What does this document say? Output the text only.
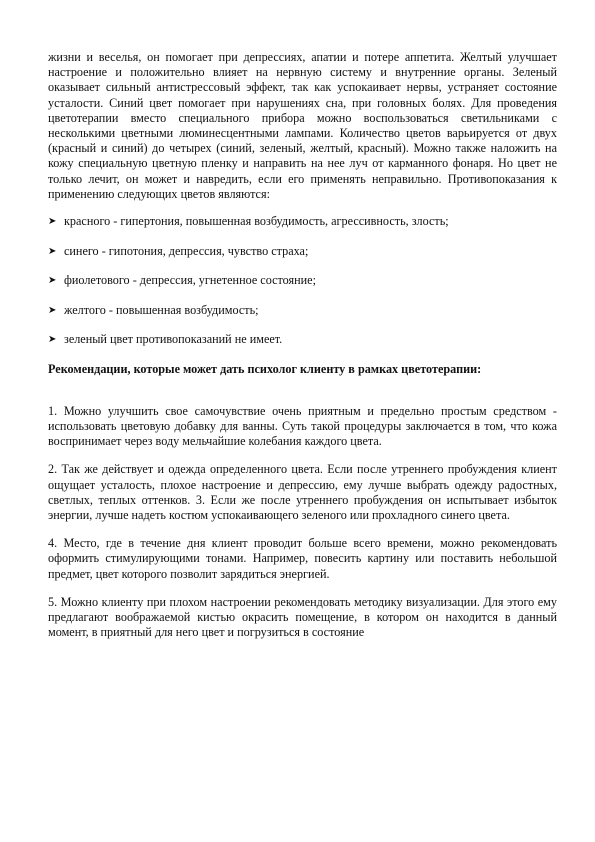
жизни и веселья, он помогает при депрессиях, апатии и потере аппетита. Желтый улучшает настроение и положительно влияет на нервную систему и внутренние органы. Зеленый оказывает сильный антистрессовый эффект, так как успокаивает нервы, устраняет состояние усталости. Синий цвет помогает при нарушениях сна, при головных болях. Для проведения цветотерапии вместо специального прибора можно воспользоваться светильниками с несколькими цветными люминесцентными лампами. Количество цветов варьируется от двух (красный и синий) до четырех (синий, зеленый, желтый, красный). Можно также наложить на кожу специальную цветную пленку и направить на нее луч от карманного фонаря. Но цвет не только лечит, он может и навредить, если его применять неправильно. Противопоказания к применению следующих цветов являются:

➤ красного - гипертония, повышенная возбудимость, агрессивность, злость;
➤ синего - гипотония, депрессия, чувство страха;
➤ фиолетового - депрессия, угнетенное состояние;
➤ желтого - повышенная возбудимость;
➤ зеленый цвет противопоказаний не имеет.

Рекомендации, которые может дать психолог клиенту в рамках цветотерапии:

1. Можно улучшить свое самочувствие очень приятным и предельно простым средством - использовать цветовую добавку для ванны. Суть такой процедуры заключается в том, что кожа воспринимает через воду мельчайшие колебания каждого цвета.

2. Так же действует и одежда определенного цвета. Если после утреннего пробуждения клиент ощущает усталость, плохое настроение и депрессию, ему лучше выбрать одежду радостных, светлых, теплых оттенков. 3. Если же после утреннего пробуждения он испытывает избыток энергии, лучше надеть костюм успокаивающего зеленого или прохладного синего цвета.

4. Место, где в течение дня клиент проводит больше всего времени, можно рекомендовать оформить стимулирующими тонами. Например, повесить картину или поставить небольшой предмет, цвет которого позволит зарядиться энергией.

5. Можно клиенту при плохом настроении рекомендовать методику визуализации. Для этого ему предлагают воображаемой кистью окрасить помещение, в котором он находится в данный момент, в приятный для него цвет и погрузиться в состояние
